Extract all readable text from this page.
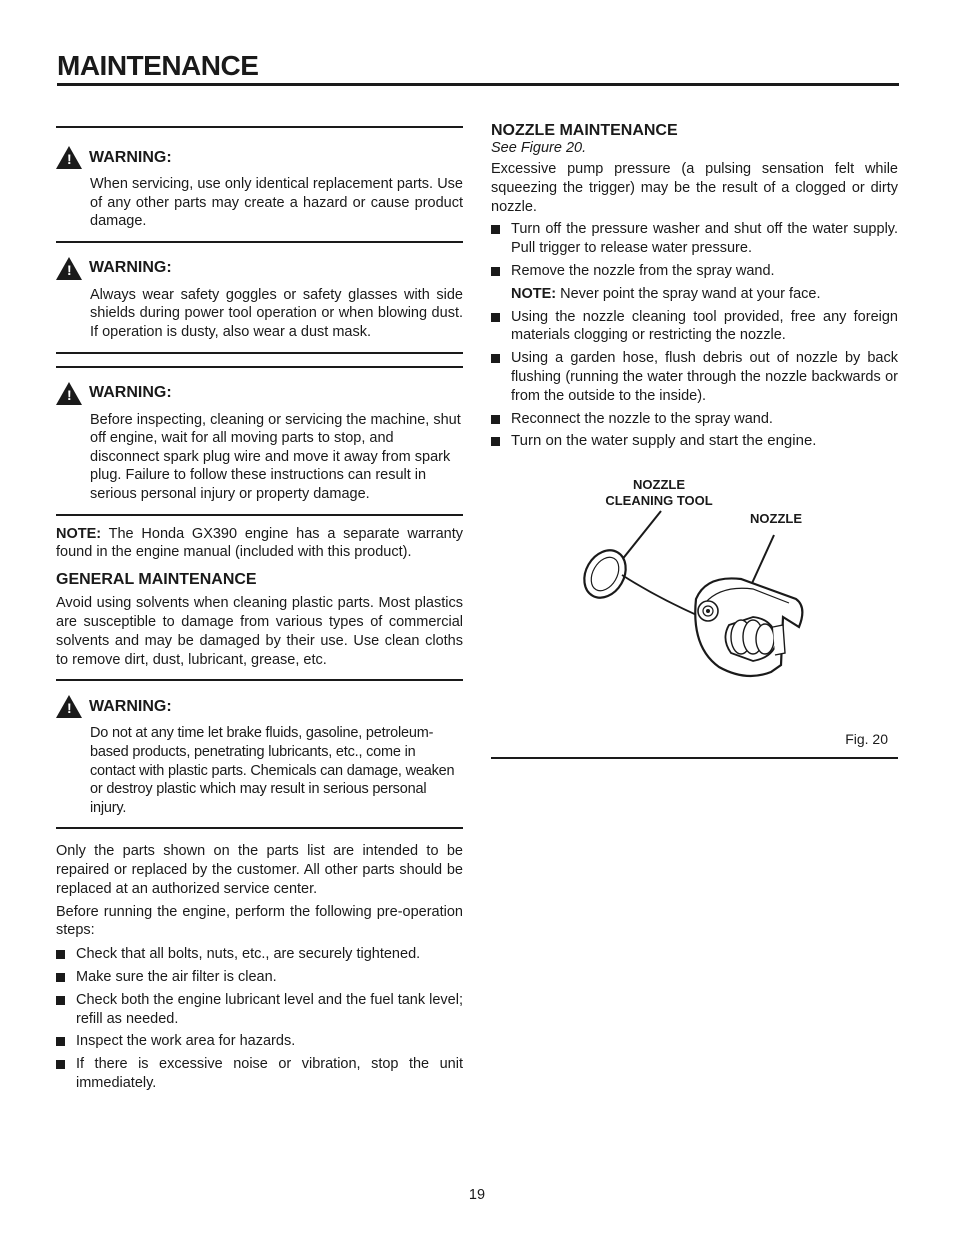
MAINTENANCE
! WARNING:
When servicing, use only identical replacement parts. Use of any other parts may create a hazard or cause product damage.
! WARNING:
Always wear safety goggles or safety glasses with side shields during power tool operation or when blowing dust. If operation is dusty, also wear a dust mask.
! WARNING:
Before inspecting, cleaning or servicing the machine, shut off engine, wait for all moving parts to stop, and disconnect spark plug wire and move it away from spark plug. Failure to follow these instructions can result in serious personal injury or property damage.

NOTE: The Honda GX390 engine has a separate warranty found in the engine manual (included with this product).

GENERAL MAINTENANCE

Avoid using solvents when cleaning plastic parts. Most plastics are susceptible to damage from various types of commercial solvents and may be damaged by their use. Use clean cloths to remove dirt, dust, lubricant, grease, etc.

! WARNING:
Do not at any time let brake fluids, gasoline, petroleum-based products, penetrating lubricants, etc., come in contact with plastic parts. Chemicals can damage, weaken or destroy plastic which may result in serious personal injury.

Only the parts shown on the parts list are intended to be repaired or replaced by the customer. All other parts should be replaced at an authorized service center.

Before running the engine, perform the following pre-operation steps:

Check that all bolts, nuts, etc., are securely tightened.
Make sure the air filter is clean.
Check both the engine lubricant level and the fuel tank level; refill as needed.
Inspect the work area for hazards.
If there is excessive noise or vibration, stop the unit immediately.
NOZZLE MAINTENANCE
See Figure 20.

Excessive pump pressure (a pulsing sensation felt while squeezing the trigger) may be the result of a clogged or dirty nozzle.

Turn off the pressure washer and shut off the water supply. Pull trigger to release water pressure.
Remove the nozzle from the spray wand.
NOTE: Never point the spray wand at your face.
Using the nozzle cleaning tool provided, free any foreign materials clogging or restricting the nozzle.
Using a garden hose, flush debris out of nozzle by back flushing (running the water through the nozzle backwards or from the outside to the inside).
Reconnect the nozzle to the spray wand.
Turn on the water supply and start the engine.
NOZZLE
CLEANING TOOL
NOZZLE
Fig. 20
19
